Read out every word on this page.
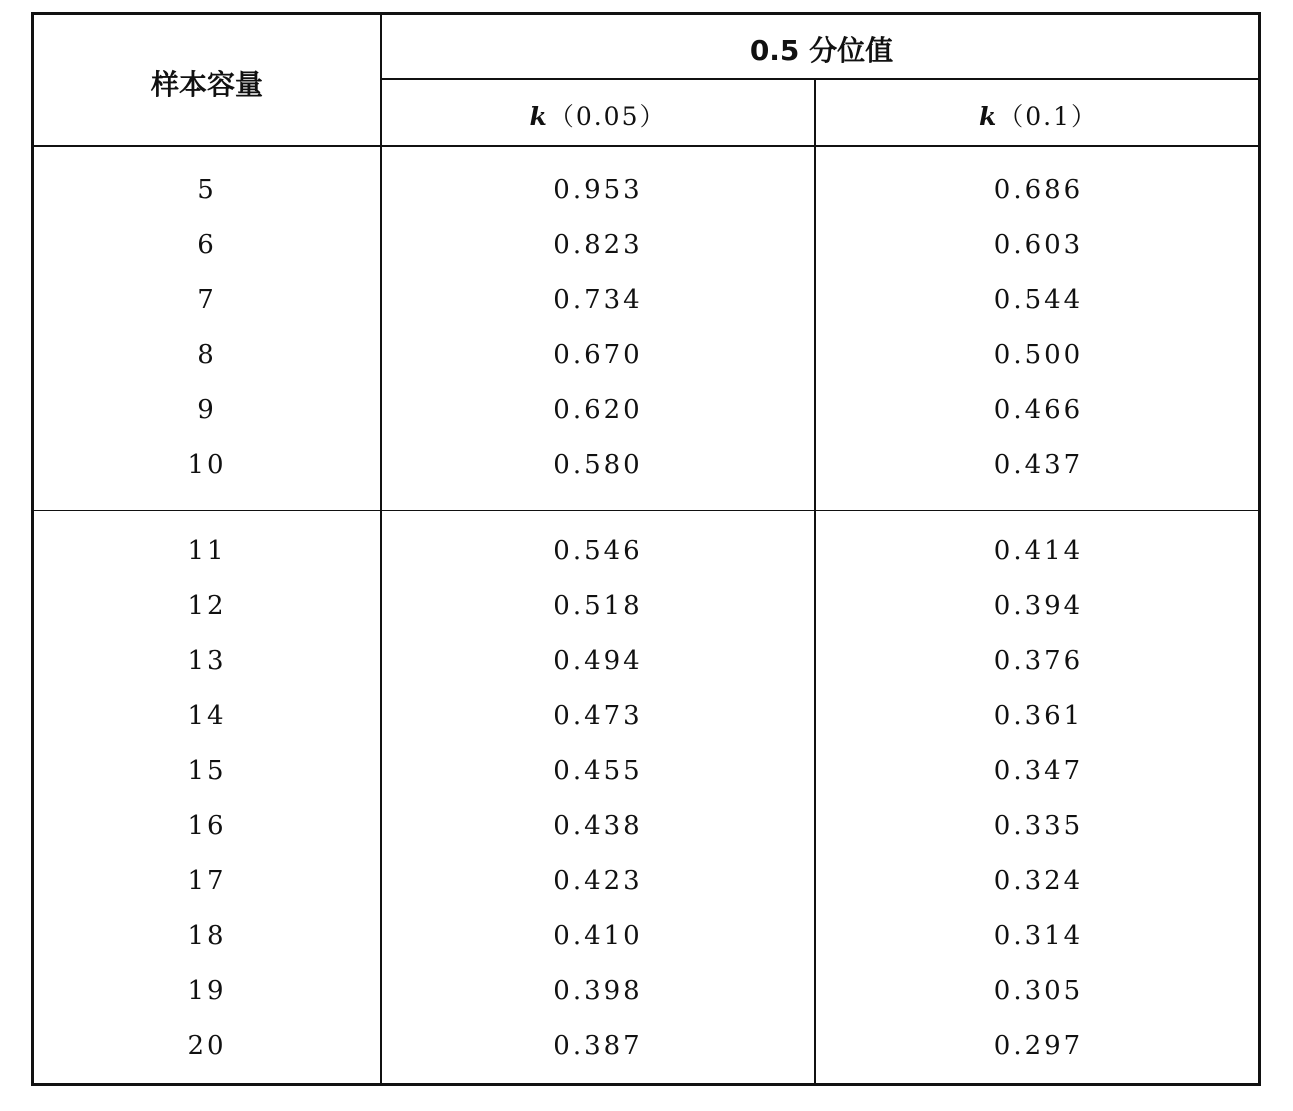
样本容量
0.5 分位值
k（0.05）	k（0.1）
5	0.953	0.686
6	0.823	0.603
7	0.734	0.544
8	0.670	0.500
9	0.620	0.466
10	0.580	0.437
11	0.546	0.414
12	0.518	0.394
13	0.494	0.376
14	0.473	0.361
15	0.455	0.347
16	0.438	0.335
17	0.423	0.324
18	0.410	0.314
19	0.398	0.305
20	0.387	0.297
